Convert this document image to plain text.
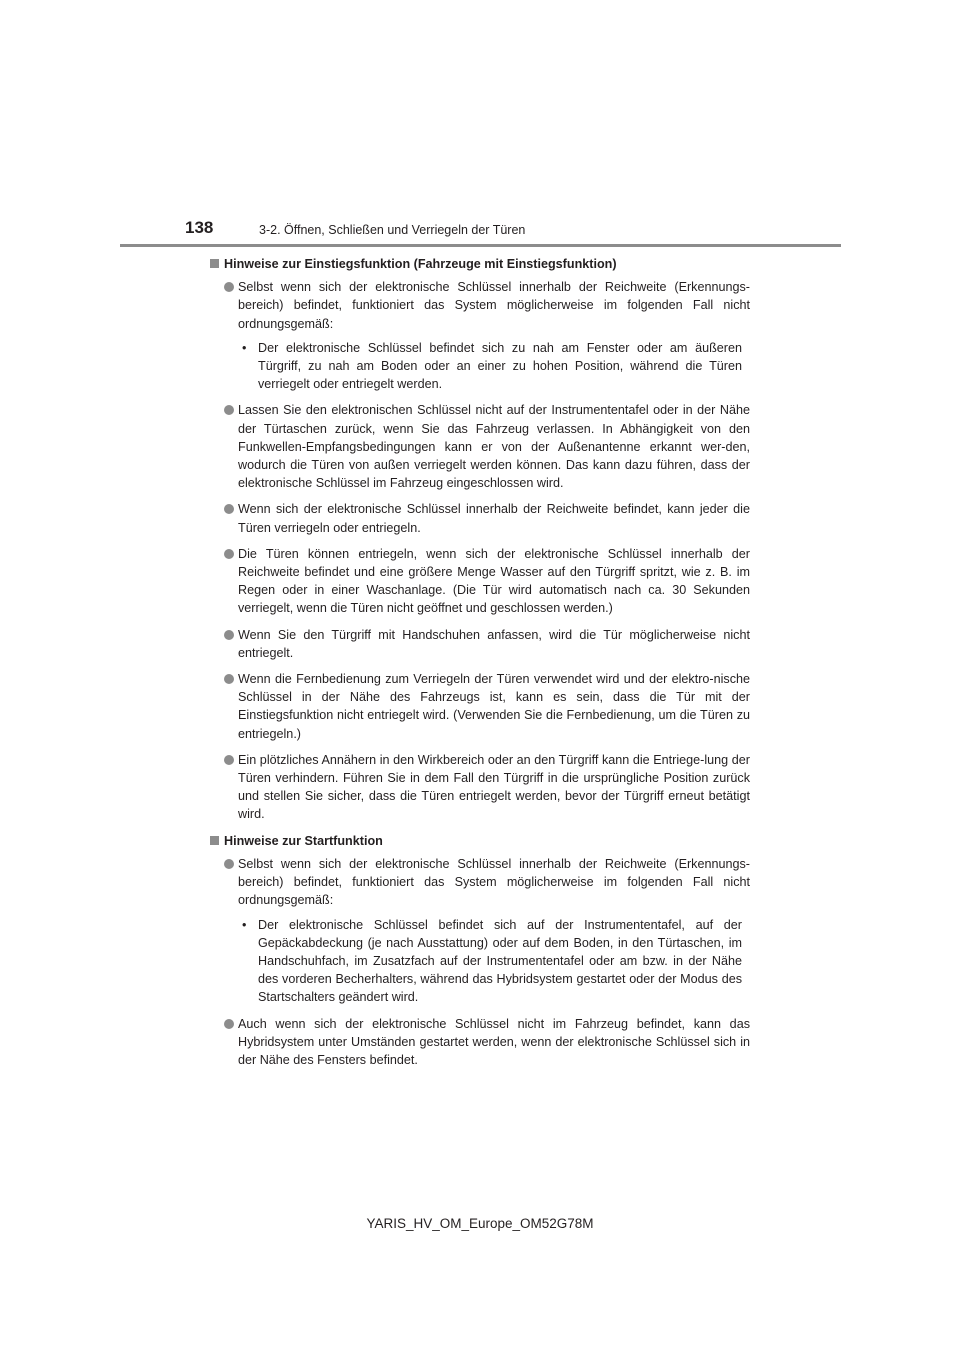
138	3-2. Öffnen, Schließen und Verriegeln der Türen
Hinweise zur Einstiegsfunktion (Fahrzeuge mit Einstiegsfunktion)
Selbst wenn sich der elektronische Schlüssel innerhalb der Reichweite (Erkennungs-bereich) befindet, funktioniert das System möglicherweise im folgenden Fall nicht ordnungsgemäß:
• Der elektronische Schlüssel befindet sich zu nah am Fenster oder am äußeren Türgriff, zu nah am Boden oder an einer zu hohen Position, während die Türen verriegelt oder entriegelt werden.
Lassen Sie den elektronischen Schlüssel nicht auf der Instrumententafel oder in der Nähe der Türtaschen zurück, wenn Sie das Fahrzeug verlassen. In Abhängigkeit von den Funkwellen-Empfangsbedingungen kann er von der Außenantenne erkannt wer-den, wodurch die Türen von außen verriegelt werden können. Das kann dazu führen, dass der elektronische Schlüssel im Fahrzeug eingeschlossen wird.
Wenn sich der elektronische Schlüssel innerhalb der Reichweite befindet, kann jeder die Türen verriegeln oder entriegeln.
Die Türen können entriegeln, wenn sich der elektronische Schlüssel innerhalb der Reichweite befindet und eine größere Menge Wasser auf den Türgriff spritzt, wie z. B. im Regen oder in einer Waschanlage. (Die Tür wird automatisch nach ca. 30 Sekunden verriegelt, wenn die Türen nicht geöffnet und geschlossen werden.)
Wenn Sie den Türgriff mit Handschuhen anfassen, wird die Tür möglicherweise nicht entriegelt.
Wenn die Fernbedienung zum Verriegeln der Türen verwendet wird und der elektro-nische Schlüssel in der Nähe des Fahrzeugs ist, kann es sein, dass die Tür mit der Einstiegsfunktion nicht entriegelt wird. (Verwenden Sie die Fernbedienung, um die Türen zu entriegeln.)
Ein plötzliches Annähern in den Wirkbereich oder an den Türgriff kann die Entriege-lung der Türen verhindern. Führen Sie in dem Fall den Türgriff in die ursprüngliche Position zurück und stellen Sie sicher, dass die Türen entriegelt werden, bevor der Türgriff erneut betätigt wird.
Hinweise zur Startfunktion
Selbst wenn sich der elektronische Schlüssel innerhalb der Reichweite (Erkennungs-bereich) befindet, funktioniert das System möglicherweise im folgenden Fall nicht ordnungsgemäß:
• Der elektronische Schlüssel befindet sich auf der Instrumententafel, auf der Gepäckabdeckung (je nach Ausstattung) oder auf dem Boden, in den Türtaschen, im Handschuhfach, im Zusatzfach auf der Instrumententafel oder am bzw. in der Nähe des vorderen Becherhalters, während das Hybridsystem gestartet oder der Modus des Startschalters geändert wird.
Auch wenn sich der elektronische Schlüssel nicht im Fahrzeug befindet, kann das Hybridsystem unter Umständen gestartet werden, wenn der elektronische Schlüssel sich in der Nähe des Fensters befindet.
YARIS_HV_OM_Europe_OM52G78M
